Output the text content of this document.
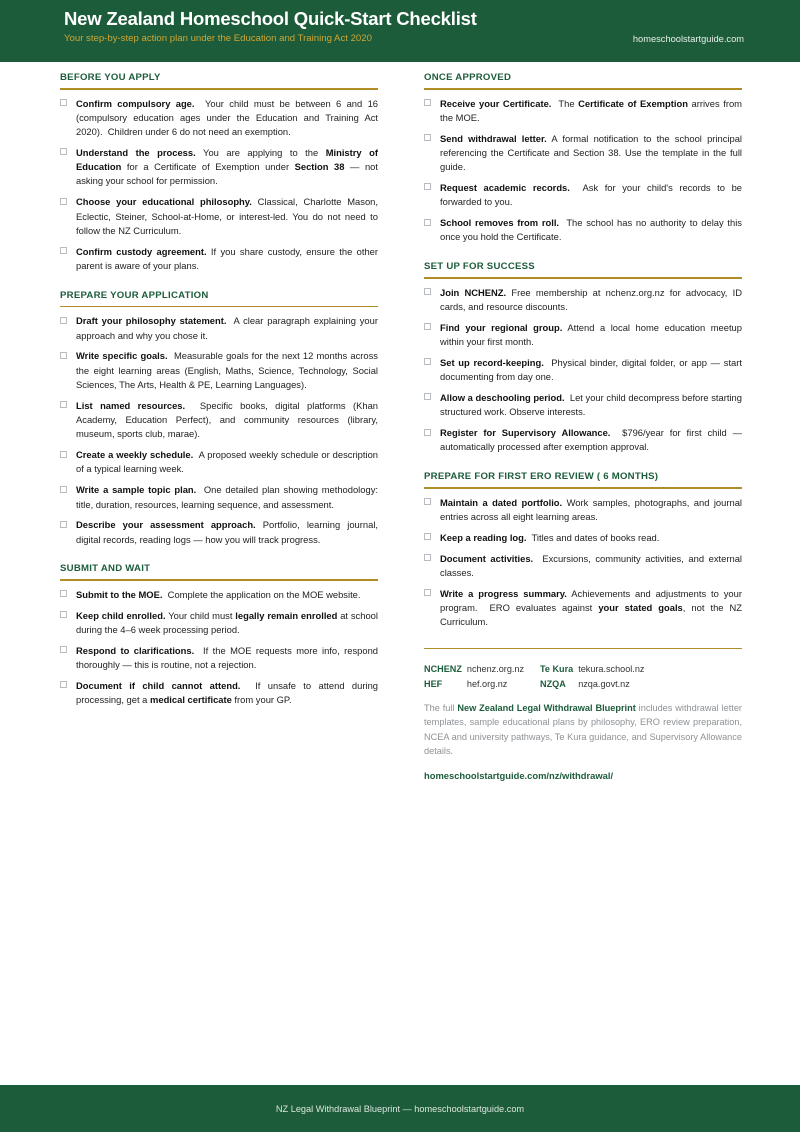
New Zealand Homeschool Quick-Start Checklist
Your step-by-step action plan under the Education and Training Act 2020	homeschoolstartguide.com
BEFORE YOU APPLY
Confirm compulsory age.  Your child must be between 6 and 16 (compulsory education ages under the Education and Training Act 2020).  Children under 6 do not need an exemption.
Understand the process. You are applying to the Ministry of Education for a Certificate of Exemption under Section 38 — not asking your school for permission.
Choose your educational philosophy. Classical, Charlotte Mason, Eclectic, Steiner, School-at-Home, or interest-led. You do not need to follow the NZ Curriculum.
Confirm custody agreement. If you share custody, ensure the other parent is aware of your plans.
PREPARE YOUR APPLICATION
Draft your philosophy statement.  A clear paragraph explaining your approach and why you chose it.
Write specific goals.  Measurable goals for the next 12 months across the eight learning areas (English, Maths, Science, Technology, Social Sciences, The Arts, Health & PE, Learning Languages).
List named resources.  Specific books, digital platforms (Khan Academy, Education Perfect), and community resources (library, museum, sports club, marae).
Create a weekly schedule.  A proposed weekly schedule or description of a typical learning week.
Write a sample topic plan.  One detailed plan showing methodology: title, duration, resources, learning sequence, and assessment.
Describe your assessment approach. Portfolio, learning journal, digital records, reading logs — how you will track progress.
SUBMIT AND WAIT
Submit to the MOE.  Complete the application on the MOE website.
Keep child enrolled. Your child must legally remain enrolled at school during the 4–6 week processing period.
Respond to clarifications.  If the MOE requests more info, respond thoroughly — this is routine, not a rejection.
Document if child cannot attend.  If unsafe to attend during processing, get a medical certificate from your GP.
ONCE APPROVED
Receive your Certificate.  The Certificate of Exemption arrives from the MOE.
Send withdrawal letter. A formal notification to the school principal referencing the Certificate and Section 38. Use the template in the full guide.
Request academic records.  Ask for your child's records to be forwarded to you.
School removes from roll.  The school has no authority to delay this once you hold the Certificate.
SET UP FOR SUCCESS
Join NCHENZ. Free membership at nchenz.org.nz for advocacy, ID cards, and resource discounts.
Find your regional group. Attend a local home education meetup within your first month.
Set up record-keeping.  Physical binder, digital folder, or app — start documenting from day one.
Allow a deschooling period.  Let your child decompress before starting structured work. Observe interests.
Register for Supervisory Allowance.  $796/year for first child — automatically processed after exemption approval.
PREPARE FOR FIRST ERO REVIEW ( 6 MONTHS)
Maintain a dated portfolio. Work samples, photographs, and journal entries across all eight learning areas.
Keep a reading log.  Titles and dates of books read.
Document activities.  Excursions, community activities, and external classes.
Write a progress summary. Achievements and adjustments to your program.  ERO evaluates against your stated goals, not the NZ Curriculum.
NCHENZ	nchenz.org.nz	Te Kura	tekura.school.nz
HEF	hef.org.nz	NZQA	nzqa.govt.nz
The full New Zealand Legal Withdrawal Blueprint includes withdrawal letter templates, sample educational plans by philosophy, ERO review preparation, NCEA and university pathways, Te Kura guidance, and Supervisory Allowance details.
homeschoolstartguide.com/nz/withdrawal/
NZ Legal Withdrawal Blueprint — homeschoolstartguide.com
